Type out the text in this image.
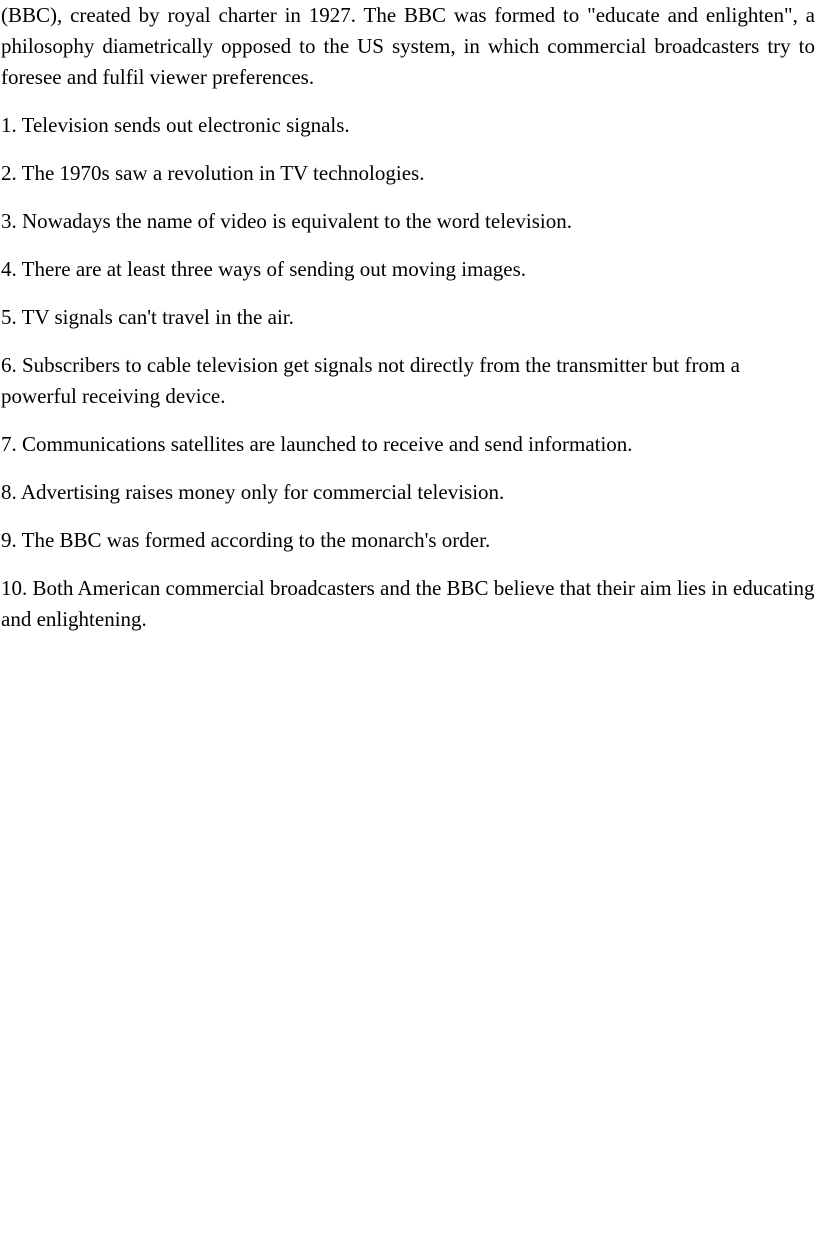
(BBC), created by royal charter in 1927. The BBC was formed to "educate and enlighten", a philosophy diametrically opposed to the US system, in which commercial broadcasters try to foresee and fulfil viewer preferences.

1. Television sends out electronic signals.
2. The 1970s saw a revolution in TV technologies.
3. Nowadays the name of video is equivalent to the word television.
4. There are at least three ways of sending out moving images.
5. TV signals can't travel in the air.
6. Subscribers to cable television get signals not directly from the transmitter but from a powerful receiving device.
7. Communications satellites are launched to receive and send information.
8. Advertising raises money only for commercial television.
9. The BBC was formed according to the monarch's order.
10. Both American commercial broadcasters and the BBC believe that their aim lies in educating and enlightening.
